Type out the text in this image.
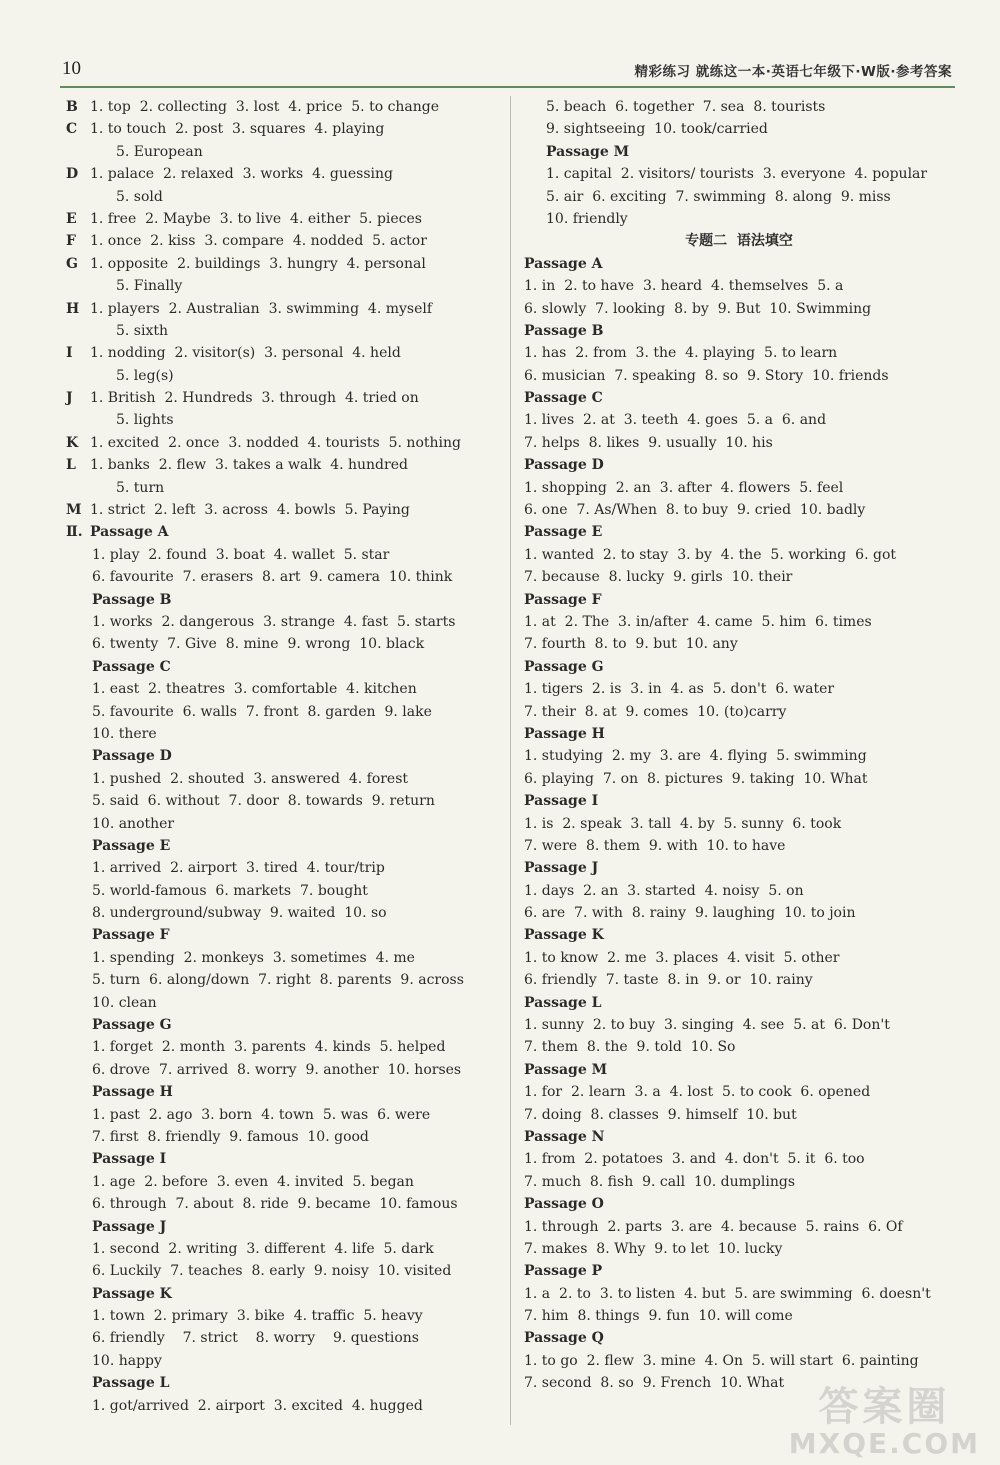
10	精彩练习 就练这一本·英语七年级下·W版·参考答案
B 1. top  2. collecting  3. lost  4. price  5. to change
C 1. to touch  2. post  3. squares  4. playing
5. European
D 1. palace  2. relaxed  3. works  4. guessing
5. sold
E 1. free  2. Maybe  3. to live  4. either  5. pieces
F 1. once  2. kiss  3. compare  4. nodded  5. actor
G 1. opposite  2. buildings  3. hungry  4. personal
5. Finally
H 1. players  2. Australian  3. swimming  4. myself
5. sixth
I 1. nodding  2. visitor(s)  3. personal  4. held
5. leg(s)
J 1. British  2. Hundreds  3. through  4. tried on
5. lights
K 1. excited  2. once  3. nodded  4. tourists  5. nothing
L 1. banks  2. flew  3. takes a walk  4. hundred
5. turn
M 1. strict  2. left  3. across  4. bowls  5. Paying
Ⅱ. Passage A
1. play  2. found  3. boat  4. wallet  5. star
6. favourite  7. erasers  8. art  9. camera  10. think
Passage B
1. works  2. dangerous  3. strange  4. fast  5. starts
6. twenty  7. Give  8. mine  9. wrong  10. black
Passage C
1. east  2. theatres  3. comfortable  4. kitchen
5. favourite  6. walls  7. front  8. garden  9. lake
10. there
Passage D
1. pushed  2. shouted  3. answered  4. forest
5. said  6. without  7. door  8. towards  9. return
10. another
Passage E
1. arrived  2. airport  3. tired  4. tour/trip
5. world-famous  6. markets  7. bought
8. underground/subway  9. waited  10. so
Passage F
1. spending  2. monkeys  3. sometimes  4. me
5. turn  6. along/down  7. right  8. parents  9. across
10. clean
Passage G
1. forget  2. month  3. parents  4. kinds  5. helped
6. drove  7. arrived  8. worry  9. another  10. horses
Passage H
1. past  2. ago  3. born  4. town  5. was  6. were
7. first  8. friendly  9. famous  10. good
Passage I
1. age  2. before  3. even  4. invited  5. began
6. through  7. about  8. ride  9. became  10. famous
Passage J
1. second  2. writing  3. different  4. life  5. dark
6. Luckily  7. teaches  8. early  9. noisy  10. visited
Passage K
1. town  2. primary  3. bike  4. traffic  5. heavy
6. friendly    7. strict    8. worry    9. questions
10. happy
Passage L
1. got/arrived  2. airport  3. excited  4. hugged
5. beach  6. together  7. sea  8. tourists
9. sightseeing  10. took/carried
Passage M
1. capital  2. visitors/ tourists  3. everyone  4. popular
5. air  6. exciting  7. swimming  8. along  9. miss
10. friendly
专题二  语法填空
Passage A
1. in  2. to have  3. heard  4. themselves  5. a
6. slowly  7. looking  8. by  9. But  10. Swimming
Passage B
1. has  2. from  3. the  4. playing  5. to learn
6. musician  7. speaking  8. so  9. Story  10. friends
Passage C
1. lives  2. at  3. teeth  4. goes  5. a  6. and
7. helps  8. likes  9. usually  10. his
Passage D
1. shopping  2. an  3. after  4. flowers  5. feel
6. one  7. As/When  8. to buy  9. cried  10. badly
Passage E
1. wanted  2. to stay  3. by  4. the  5. working  6. got
7. because  8. lucky  9. girls  10. their
Passage F
1. at  2. The  3. in/after  4. came  5. him  6. times
7. fourth  8. to  9. but  10. any
Passage G
1. tigers  2. is  3. in  4. as  5. don't  6. water
7. their  8. at  9. comes  10. (to)carry
Passage H
1. studying  2. my  3. are  4. flying  5. swimming
6. playing  7. on  8. pictures  9. taking  10. What
Passage I
1. is  2. speak  3. tall  4. by  5. sunny  6. took
7. were  8. them  9. with  10. to have
Passage J
1. days  2. an  3. started  4. noisy  5. on
6. are  7. with  8. rainy  9. laughing  10. to join
Passage K
1. to know  2. me  3. places  4. visit  5. other
6. friendly  7. taste  8. in  9. or  10. rainy
Passage L
1. sunny  2. to buy  3. singing  4. see  5. at  6. Don't
7. them  8. the  9. told  10. So
Passage M
1. for  2. learn  3. a  4. lost  5. to cook  6. opened
7. doing  8. classes  9. himself  10. but
Passage N
1. from  2. potatoes  3. and  4. don't  5. it  6. too
7. much  8. fish  9. call  10. dumplings
Passage O
1. through  2. parts  3. are  4. because  5. rains  6. Of
7. makes  8. Why  9. to let  10. lucky
Passage P
1. a  2. to  3. to listen  4. but  5. are swimming  6. doesn't
7. him  8. things  9. fun  10. will come
Passage Q
1. to go  2. flew  3. mine  4. On  5. will start  6. painting
7. second  8. so  9. French  10. What
答案圈
MXQE.COM
